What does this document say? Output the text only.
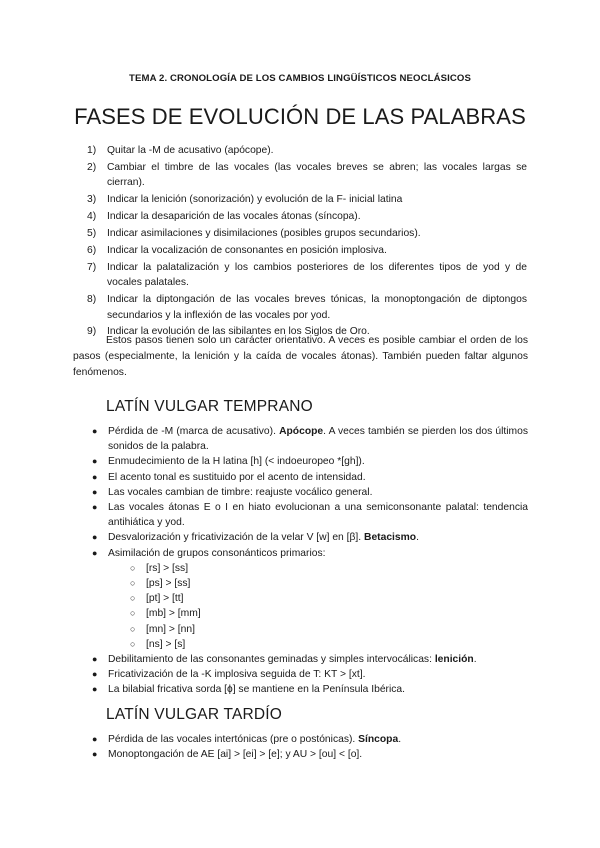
TEMA 2. CRONOLOGÍA DE LOS CAMBIOS LINGÜÍSTICOS NEOCLÁSICOS
FASES DE EVOLUCIÓN DE LAS PALABRAS
1)	Quitar la -M de acusativo (apócope).
2)	Cambiar el timbre de las vocales (las vocales breves se abren; las vocales largas se cierran).
3)	Indicar la lenición (sonorización) y evolución de la F- inicial latina
4)	Indicar la desaparición de las vocales átonas (síncopa).
5)	Indicar asimilaciones y disimilaciones (posibles grupos secundarios).
6)	Indicar la vocalización de consonantes en posición implosiva.
7)	Indicar la palatalización y los cambios posteriores de los diferentes tipos de yod y de vocales palatales.
8)	Indicar la diptongación de las vocales breves tónicas, la monoptongación de diptongos secundarios y la inflexión de las vocales por yod.
9)	Indicar la evolución de las sibilantes en los Siglos de Oro.

Estos pasos tienen solo un carácter orientativo. A veces es posible cambiar el orden de los pasos (especialmente, la lenición y la caída de vocales átonas). También pueden faltar algunos fenómenos.

LATÍN VULGAR TEMPRANO
●	Pérdida de -M (marca de acusativo). Apócope. A veces también se pierden los dos últimos sonidos de la palabra.
●	Enmudecimiento de la H latina [h] (< indoeuropeo *[gh]).
●	El acento tonal es sustituido por el acento de intensidad.
●	Las vocales cambian de timbre: reajuste vocálico general.
●	Las vocales átonas E o I en hiato evolucionan a una semiconsonante palatal: tendencia antihiática y yod.
●	Desvalorización y fricativización de la velar V [w] en [β]. Betacismo.
●	Asimilación de grupos consonánticos primarios:
○	[rs] > [ss]
○	[ps] > [ss]
○	[pt] > [tt]
○	[mb] > [mm]
○	[mn] > [nn]
○	[ns] > [s]
●	Debilitamiento de las consonantes geminadas y simples intervocálicas: lenición.
●	Fricativización de la -K implosiva seguida de T: KT > [xt].
●	La bilabial fricativa sorda [ɸ] se mantiene en la Península Ibérica.
LATÍN VULGAR TARDÍO
●	Pérdida de las vocales intertónicas (pre o postónicas). Síncopa.
●	Monoptongación de AE [ai] > [ei] > [e]; y AU > [ou] < [o].
